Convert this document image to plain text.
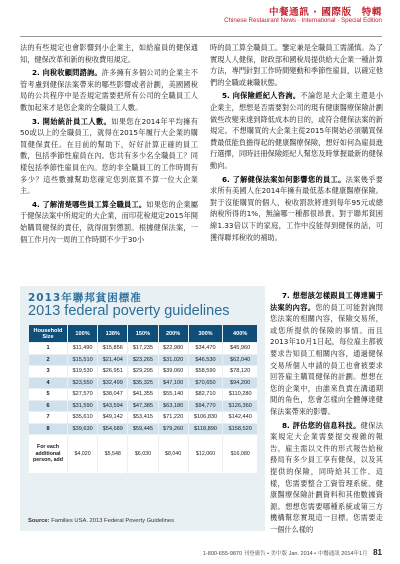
中餐通訊 · 國際版　特輯
Chinese Restaurant News · International · Special Edition

法的有些規定也會影響到小企業主，如給雇員的健保通知，健保改革和新的稅收費用規定。

2. 向稅收顧問諮詢。許多擁有多個公司的企業主不管考慮到健保法案帶來的哪些影響或者計劃，美國國稅局的公共程序中是否規定需要把所有公司的全職員工人數加起來才是您企業的全職員工人數。

3. 開始統計員工人數。如果您在2014年平均擁有50或以上的全職員工，就得在2015年履行大企業的購買健保責任。在目前的幫助下，好好計算正確的員工數，包括季節性雇員在內。您共有多少名全職員工？同樣包括季節性雇員在內。您的非全職員工的工作時間有多少？這些數據幫助您確定您到底算不算一位大企業主。

4. 了解清楚哪些員工算全職員工。如果您的企業屬于健保法案中所規定的大企業，而印花稅規定2015年開始購買健保的責任，就得面對懲罰。根據健保法案，一個工作月內一周的工作時間不少于30小

時的員工算全職員工。鑒定兼是全職員工需謹慎。為了實現人人健保，財政部和國稅局提供給大企業一種計算方法，專門針對工作時間變動和季節性雇員，以確定他們的全職或兼職狀態。

5. 向保險經紀人咨詢。不論您是大企業主還是小企業主，想想是否需要對公司的現有健康醫療保險計劃做些改變來達到降低成本的目的，或符合健保法案的新規定。不想購買的大企業主從2015年開始必須購買保費最低能負擔得起的健康醫療保險，想好如何為雇員進行選擇，同時註冊保險經紀人幫您及時掌握最新的健保動向。

6. 了解健保法案如何影響您的員工。法案幾乎要求所有美國人在2014年擁有最低基本健康醫療保險。對于沒能購買的個人，稅收罰款將達到每年95元或總納稅所得的1%，無論哪一種都很昂貴。對于聯邦貧困線1.33倍以下的家庭，工作中沒能得到健保的話，可獲得聯邦稅收的補助。

7. 想想該怎樣跟員工傳達關于法案的內容。您的員工可能對詢問您法案的相關內容，保險交易所，或您所提供的保險的事情。而且2013年10月1日起，每位雇主都被要求告知員工相關內容，通過健保交易所個人申請的員工也會被要求回答雇主購買健保的計劃。想想在您的企業中，由誰來負責在溝通期間的角色，您會怎樣向全體傳達健保法案帶來的影響。

8. 評估您的信息科技。健保法案規定大企業需要提交複雜的報告。雇主需以文件的形式報告給稅務局有多少員工享有健保，以及其提供的保險，同時給其工作、這樣，您需要整合工資管理系統、健康醫療保險計劃資料和其他數據資源。想想您需要哪種系統或第三方機構幫您實現這一目標。您需要走一個什么樣的

2013年聯邦貧困標准
2013 federal poverty guidelines
Household Size	100%	138%	150%	200%	300%	400%
1	$11,490	$15,856	$17,235	$22,980	$34,470	$45,960
2	$15,510	$21,404	$23,265	$31,020	$46,530	$62,040
3	$19,530	$26,951	$29,295	$39,060	$58,590	$78,120
4	$23,550	$32,499	$35,325	$47,100	$70,650	$94,200
5	$27,570	$38,047	$41,355	$55,140	$82,710	$110,280
6	$31,590	$43,594	$47,385	$63,180	$94,770	$126,360
7	$35,610	$49,142	$53,415	$71,220	$106,830	$142,440
8	$39,630	$54,689	$59,445	$79,260	$118,890	$158,520
For each additional person, add	$4,020	$5,548	$6,030	$8,040	$12,060	$16,080
Source: Families USA. 2013 Federal Poverty Guidelines
1-800-655-9870 刊登廣告 • 美中版 Jan. 2014 • 中餐通訊 2014年1月 81
